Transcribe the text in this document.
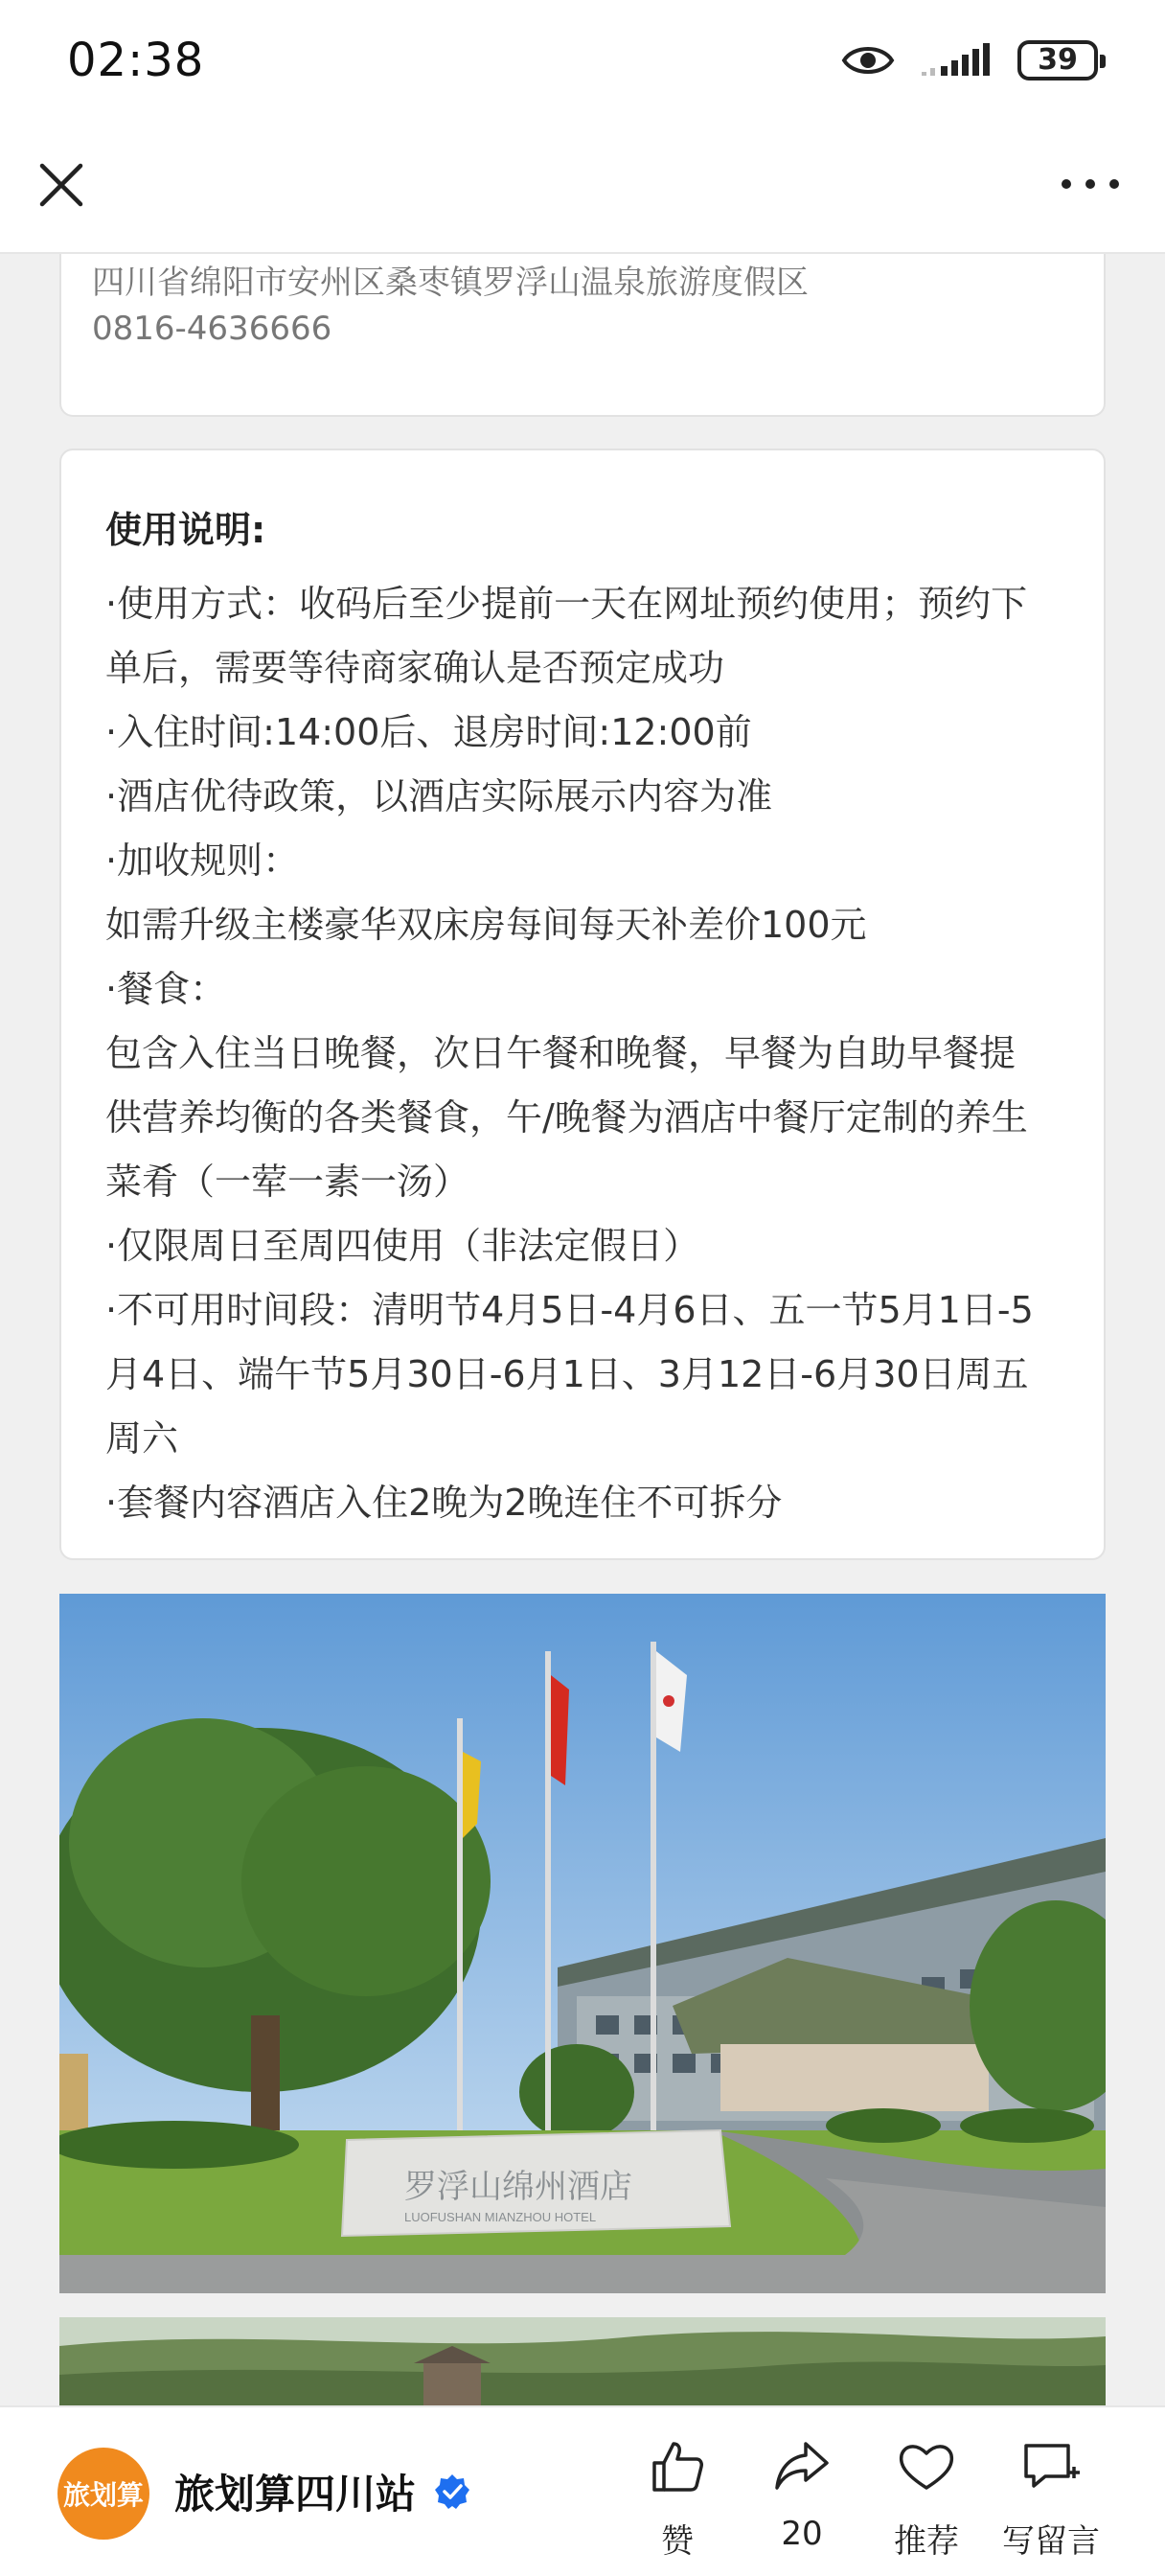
02:38	39
四川省绵阳市安州区桑枣镇罗浮山温泉旅游度假区
0816-4636666
使用说明:
·使用方式：收码后至少提前一天在网址预约使用；预约下
单后，需要等待商家确认是否预定成功
·入住时间:14:00后、退房时间:12:00前
·酒店优待政策，以酒店实际展示内容为准
·加收规则：
如需升级主楼豪华双床房每间每天补差价100元
·餐食：
包含入住当日晚餐，次日午餐和晚餐，早餐为自助早餐提
供营养均衡的各类餐食，午/晚餐为酒店中餐厅定制的养生
菜肴（一荤一素一汤）
·仅限周日至周四使用（非法定假日）
·不可用时间段：清明节4月5日-4月6日、五一节5月1日-5
月4日、端午节5月30日-6月1日、3月12日-6月30日周五
周六
·套餐内容酒店入住2晚为2晚连住不可拆分
罗浮山绵州酒店
LUOFUSHAN MIANZHOU HOTEL
旅划算 旅划算四川站
赞	20 推荐 写留言
